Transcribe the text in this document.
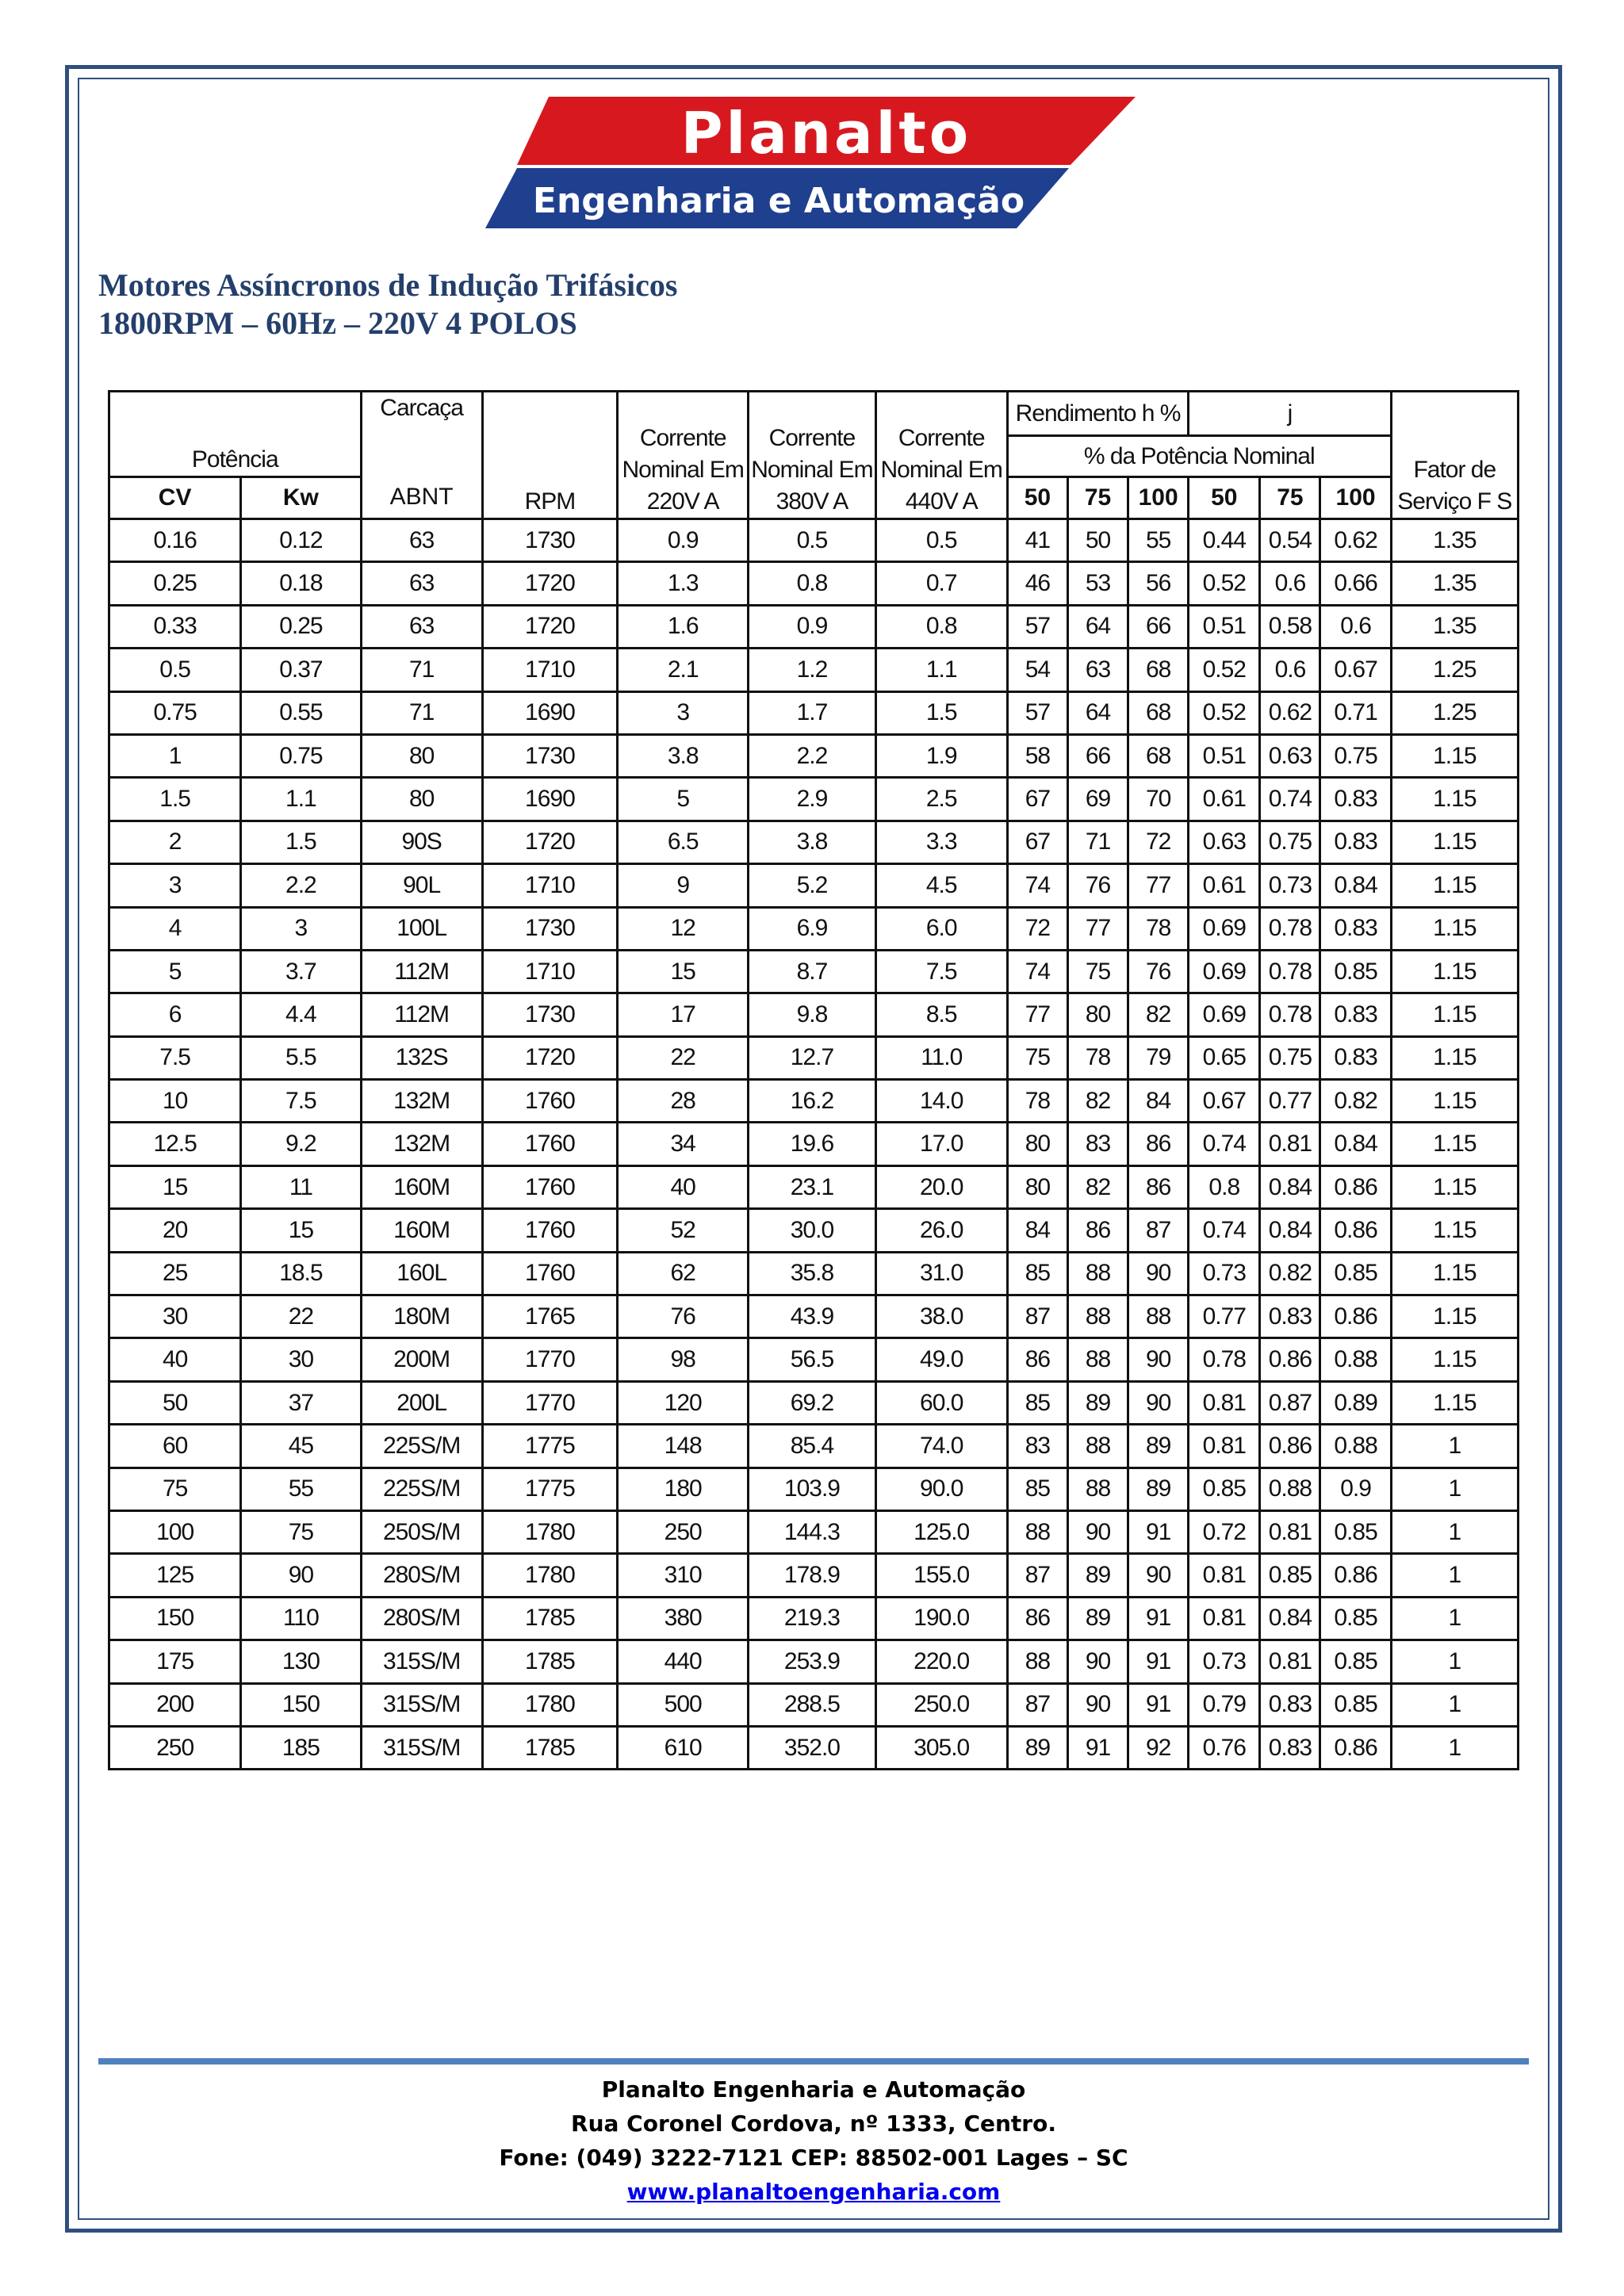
Planalto
Engenharia e Automação
Motores Assíncronos de Indução Trifásicos
1800RPM – 60Hz – 220V 4 POLOS
Potência		Carcaça	RPM	Corrente Nominal Em 220V A	Corrente Nominal Em 380V A	Corrente Nominal Em 440V A	Rendimento h %			j			Fator de Serviço F S
							% da Potência Nominal						
CV	Kw	ABNT					50	75	100	50	75	100	
0.16	0.12	63	1730	0.9	0.5	0.5	41	50	55	0.44	0.54	0.62	1.35
0.25	0.18	63	1720	1.3	0.8	0.7	46	53	56	0.52	0.6	0.66	1.35
0.33	0.25	63	1720	1.6	0.9	0.8	57	64	66	0.51	0.58	0.6	1.35
0.5	0.37	71	1710	2.1	1.2	1.1	54	63	68	0.52	0.6	0.67	1.25
0.75	0.55	71	1690	3	1.7	1.5	57	64	68	0.52	0.62	0.71	1.25
1	0.75	80	1730	3.8	2.2	1.9	58	66	68	0.51	0.63	0.75	1.15
1.5	1.1	80	1690	5	2.9	2.5	67	69	70	0.61	0.74	0.83	1.15
2	1.5	90S	1720	6.5	3.8	3.3	67	71	72	0.63	0.75	0.83	1.15
3	2.2	90L	1710	9	5.2	4.5	74	76	77	0.61	0.73	0.84	1.15
4	3	100L	1730	12	6.9	6.0	72	77	78	0.69	0.78	0.83	1.15
5	3.7	112M	1710	15	8.7	7.5	74	75	76	0.69	0.78	0.85	1.15
6	4.4	112M	1730	17	9.8	8.5	77	80	82	0.69	0.78	0.83	1.15
7.5	5.5	132S	1720	22	12.7	11.0	75	78	79	0.65	0.75	0.83	1.15
10	7.5	132M	1760	28	16.2	14.0	78	82	84	0.67	0.77	0.82	1.15
12.5	9.2	132M	1760	34	19.6	17.0	80	83	86	0.74	0.81	0.84	1.15
15	11	160M	1760	40	23.1	20.0	80	82	86	0.8	0.84	0.86	1.15
20	15	160M	1760	52	30.0	26.0	84	86	87	0.74	0.84	0.86	1.15
25	18.5	160L	1760	62	35.8	31.0	85	88	90	0.73	0.82	0.85	1.15
30	22	180M	1765	76	43.9	38.0	87	88	88	0.77	0.83	0.86	1.15
40	30	200M	1770	98	56.5	49.0	86	88	90	0.78	0.86	0.88	1.15
50	37	200L	1770	120	69.2	60.0	85	89	90	0.81	0.87	0.89	1.15
60	45	225S/M	1775	148	85.4	74.0	83	88	89	0.81	0.86	0.88	1
75	55	225S/M	1775	180	103.9	90.0	85	88	89	0.85	0.88	0.9	1
100	75	250S/M	1780	250	144.3	125.0	88	90	91	0.72	0.81	0.85	1
125	90	280S/M	1780	310	178.9	155.0	87	89	90	0.81	0.85	0.86	1
150	110	280S/M	1785	380	219.3	190.0	86	89	91	0.81	0.84	0.85	1
175	130	315S/M	1785	440	253.9	220.0	88	90	91	0.73	0.81	0.85	1
200	150	315S/M	1780	500	288.5	250.0	87	90	91	0.79	0.83	0.85	1
250	185	315S/M	1785	610	352.0	305.0	89	91	92	0.76	0.83	0.86	1
Planalto Engenharia e Automação
Rua Coronel Cordova, nº 1333, Centro.
Fone: (049) 3222-7121 CEP: 88502-001 Lages – SC
www.planaltoengenharia.com
